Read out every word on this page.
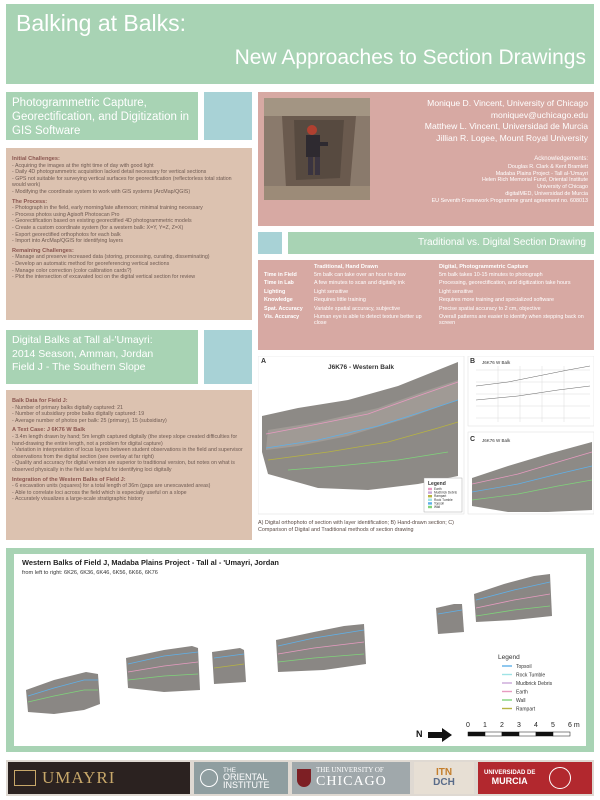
Balking at Balks:
New Approaches to Section Drawings
Photogrammetric Capture, Georectification, and Digitization in GIS Software
Initial Challenges:
- Acquiring the images at the right time of day with good light
- Daily 4D photogrammetric acquisition lacked detail necessary for vertical sections
- GPS not suitable for surveying vertical surfaces for georectification (reflectorless total station would work)
- Modifying the coordinate system to work with GIS systems (ArcMap/QGIS)
The Process:
- Photograph in the field, early morning/late afternoon; minimal training necessary
- Process photos using Agisoft Photoscan Pro
- Georectification based on existing georectified 4D photogrammetric models
- Create a custom coordinate system (for a western balk: X=Y, Y=Z, Z=X)
- Export georectified orthophotos for each balk
- Import into ArcMap/QGIS for identifying layers
Remaining Challenges:
- Manage and preserve increased data (storing, processing, curating, disseminating)
- Develop an automatic method for georeferencing vertical sections
- Manage color correction (color calibration cards?)
- Plot the intersection of excavated loci on the digital vertical section for review
Monique D. Vincent, University of Chicago
moniquev@uchicago.edu
Matthew L. Vincent, Universidad de Murcia
Jillian R. Logee, Mount Royal University
Acknowledgements:
Douglas R. Clark & Kent Bramlett
Madaba Plains Project - Tall al-'Umayri
Helen Rich Memorial Fund, Oriental Institute
University of Chicago
digitalMED, Universidad de Murcia
EU Seventh Framework Programme grant agreement no. 608013
Traditional vs. Digital Section Drawing
	Traditional, Hand Drawn	Digital, Photogrammetric Capture
Time in Field	5m balk can take over an hour to draw	5m balk takes 10-15 minutes to photograph
Time in Lab	A few minutes to scan and digitally ink	Processing, georectification, and digitization take hours
Lighting	Light sensitive	Light sensitive
Knowledge	Requires little training	Requires more training and specialized software
Spat. Accuracy	Variable spatial accuracy, subjective	Precise spatial accuracy to 2 cm, objective
Vis. Accuracy	Human eye is able to detect texture better up close	Overall patterns are easier to identify when stepping back on screen
Digital Balks at Tall al-'Umayri:
2014 Season, Amman, Jordan
Field J - The Southern Slope
Balk Data for Field J:
- Number of primary balks digitally captured: 21
- Number of subsidiary probe balks digitally captured: 19
- Average number of photos per balk: 25 (primary), 15 (subsidiary)
A Text Case: J 6K76 W Balk
- 3.4m length drawn by hand; 5m length captured digitally (the steep slope created difficulties for hand-drawing the entire length, not a problem for digital capture)
- Variation in interpretation of locus layers between student observations in the field and supervisor observations from the digital section (see overlay at far right)
- Quality and accuracy for digital version are superior to traditional version, but notes on what is observed physically in the field are helpful for identifying loci digitally
Integration of the Western Balks of Field J:
- 6 excavation units (squares) for a total length of 36m (gaps are unexcavated areas)
- Able to correlate loci across the field which is especially useful on a slope
- Accurately visualizes a large-scale stratigraphic history
Legend
Earth
Mudbrick Debris
Rampart
Rock Tumble
Topsoil
Wall
A
J6K76 - Western Balk
B J6K76 W Balk
C J6K76 W Balk
A) Digital orthophoto of section with layer identification; B) Hand-drawn section; C) Comparison of Digital and Traditional methods of section drawing
Western Balks of Field J, Madaba Plains Project - Tall al - 'Umayri, Jordan
from left to right: 6K26, 6K36, 6K46, 6K56, 6K66, 6K76
Topsoil
Rock Tumble
Mudbrick Debris
Earth
Wall
Rampart
Legend
N
0 1 2 3 4 5 6 m
UMAYRI	THE
ORIENTAL
INSTITUTE
THE UNIVERSITY OF
CHICAGO
ITN
DCH
UNIVERSIDAD DE
MURCIA
